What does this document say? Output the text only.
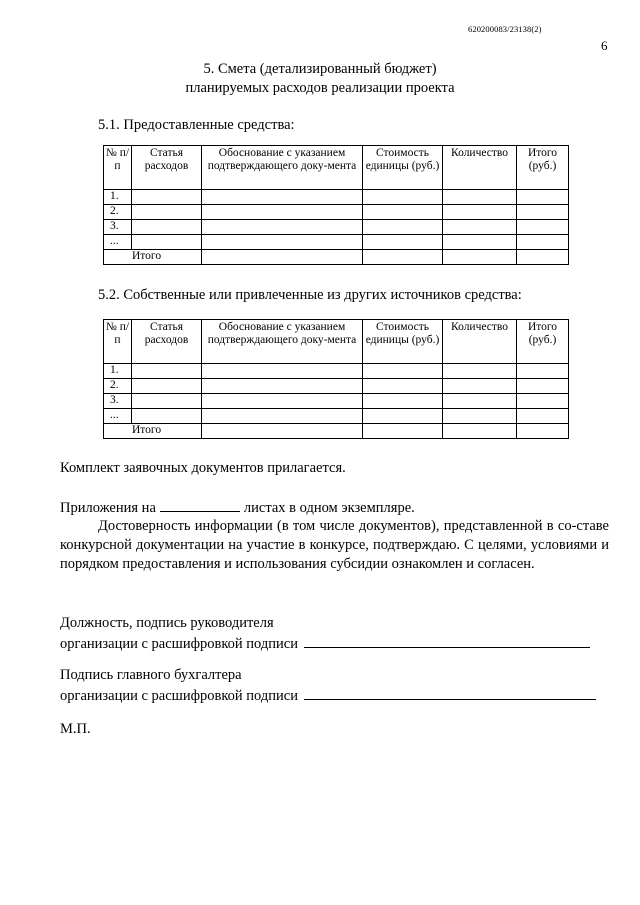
620200083/23138(2)
6
5. Смета (детализированный бюджет)
планируемых расходов реализации проекта
5.1. Предоставленные средства:
№ п/п	Статья расходов	Обоснование с указанием подтверждающего доку-мента	Стоимость единицы (руб.)	Количество	Итого (руб.)
1.					
2.					
3.					
...					
Итого					
5.2. Собственные или привлеченные из других источников средства:
№ п/п	Статья расходов	Обоснование с указанием подтверждающего доку-мента	Стоимость единицы (руб.)	Количество	Итого (руб.)
1.					
2.					
3.					
...					
Итого					
Комплект заявочных документов прилагается.
Приложения на	листах в одном экземпляре.
Достоверность информации (в том числе документов), представленной в со-ставе конкурсной документации на участие в конкурсе, подтверждаю. С целями, условиями и порядком предоставления и использования субсидии ознакомлен и согласен.
Должность, подпись руководителя
организации с расшифровкой подписи
Подпись главного бухгалтера
организации с расшифровкой подписи
М.П.
